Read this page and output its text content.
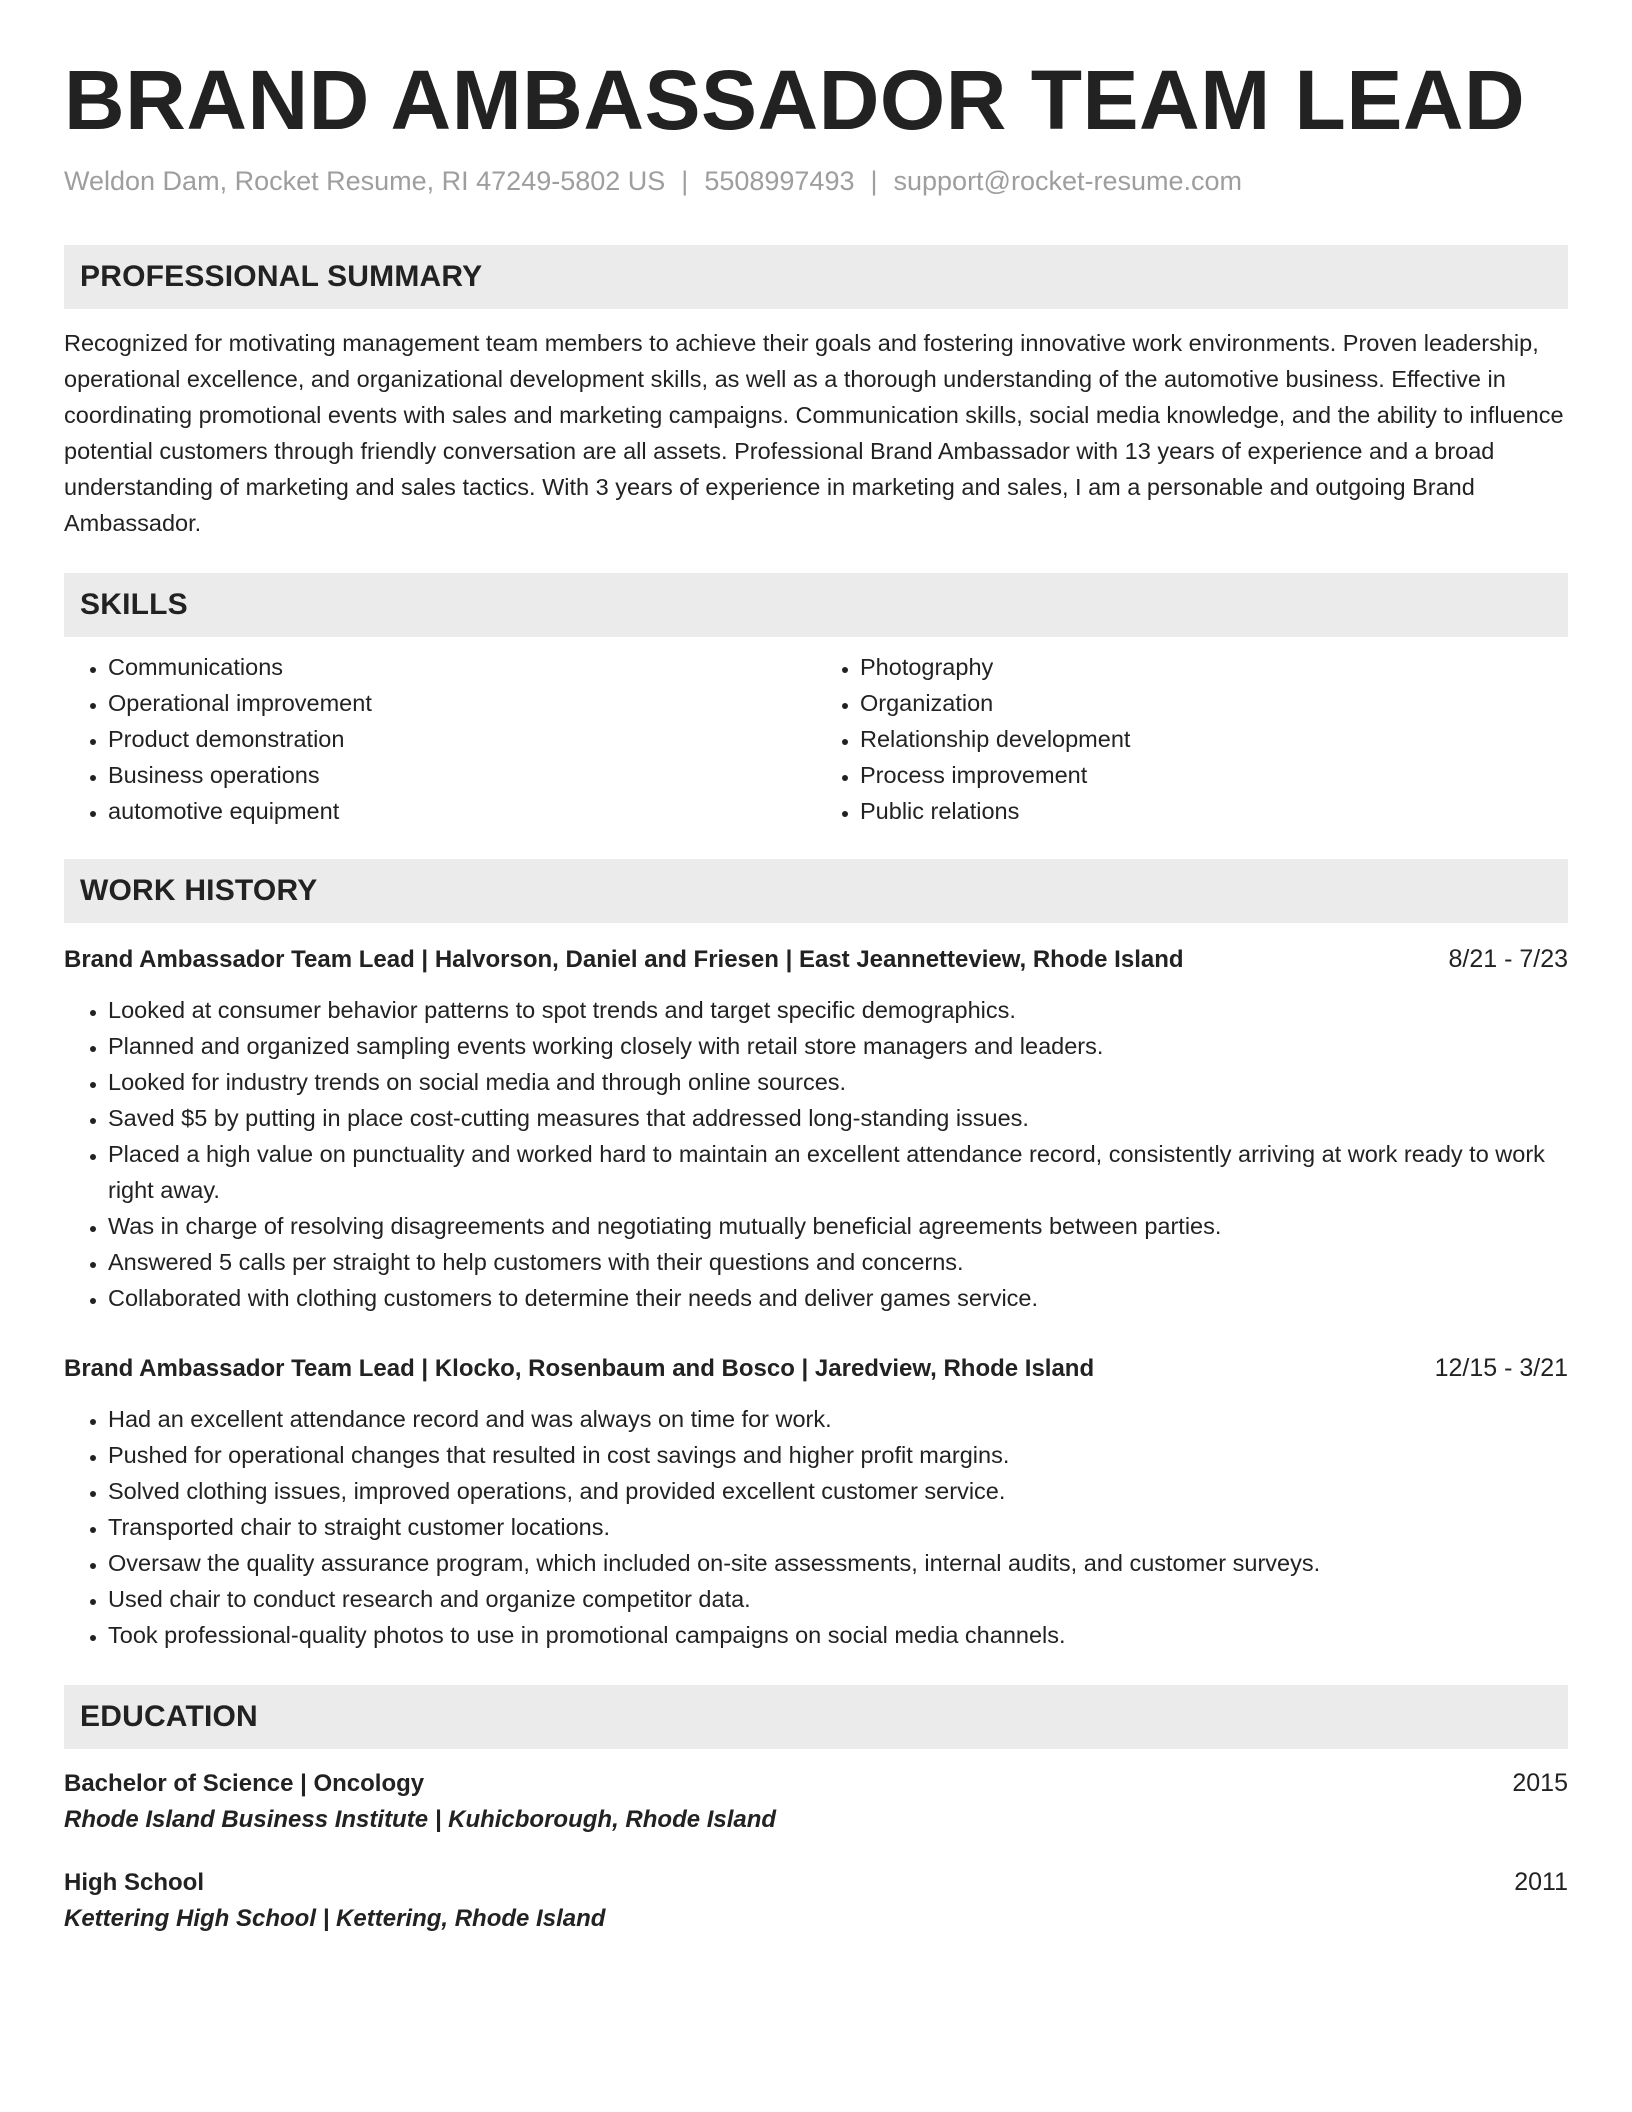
BRAND AMBASSADOR TEAM LEAD
Weldon Dam, Rocket Resume, RI 47249-5802 US | 5508997493 | support@rocket-resume.com
PROFESSIONAL SUMMARY

Recognized for motivating management team members to achieve their goals and fostering innovative work environments. Proven leadership, operational excellence, and organizational development skills, as well as a thorough understanding of the automotive business. Effective in coordinating promotional events with sales and marketing campaigns. Communication skills, social media knowledge, and the ability to influence potential customers through friendly conversation are all assets. Professional Brand Ambassador with 13 years of experience and a broad understanding of marketing and sales tactics. With 3 years of experience in marketing and sales, I am a personable and outgoing Brand Ambassador.

SKILLS
• Communications
• Operational improvement
• Product demonstration
• Business operations
• automotive equipment
• Photography
• Organization
• Relationship development
• Process improvement
• Public relations
WORK HISTORY
Brand Ambassador Team Lead | Halvorson, Daniel and Friesen | East Jeannetteview, Rhode Island	8/21 - 7/23
• Looked at consumer behavior patterns to spot trends and target specific demographics.
• Planned and organized sampling events working closely with retail store managers and leaders.
• Looked for industry trends on social media and through online sources.
• Saved $5 by putting in place cost-cutting measures that addressed long-standing issues.
• Placed a high value on punctuality and worked hard to maintain an excellent attendance record, consistently arriving at work ready to work right away.
• Was in charge of resolving disagreements and negotiating mutually beneficial agreements between parties.
• Answered 5 calls per straight to help customers with their questions and concerns.
• Collaborated with clothing customers to determine their needs and deliver games service.
Brand Ambassador Team Lead | Klocko, Rosenbaum and Bosco | Jaredview, Rhode Island	12/15 - 3/21
• Had an excellent attendance record and was always on time for work.
• Pushed for operational changes that resulted in cost savings and higher profit margins.
• Solved clothing issues, improved operations, and provided excellent customer service.
• Transported chair to straight customer locations.
• Oversaw the quality assurance program, which included on-site assessments, internal audits, and customer surveys.
• Used chair to conduct research and organize competitor data.
• Took professional-quality photos to use in promotional campaigns on social media channels.
EDUCATION
Bachelor of Science | Oncology	2015
Rhode Island Business Institute | Kuhicborough, Rhode Island
High School	2011
Kettering High School | Kettering, Rhode Island
